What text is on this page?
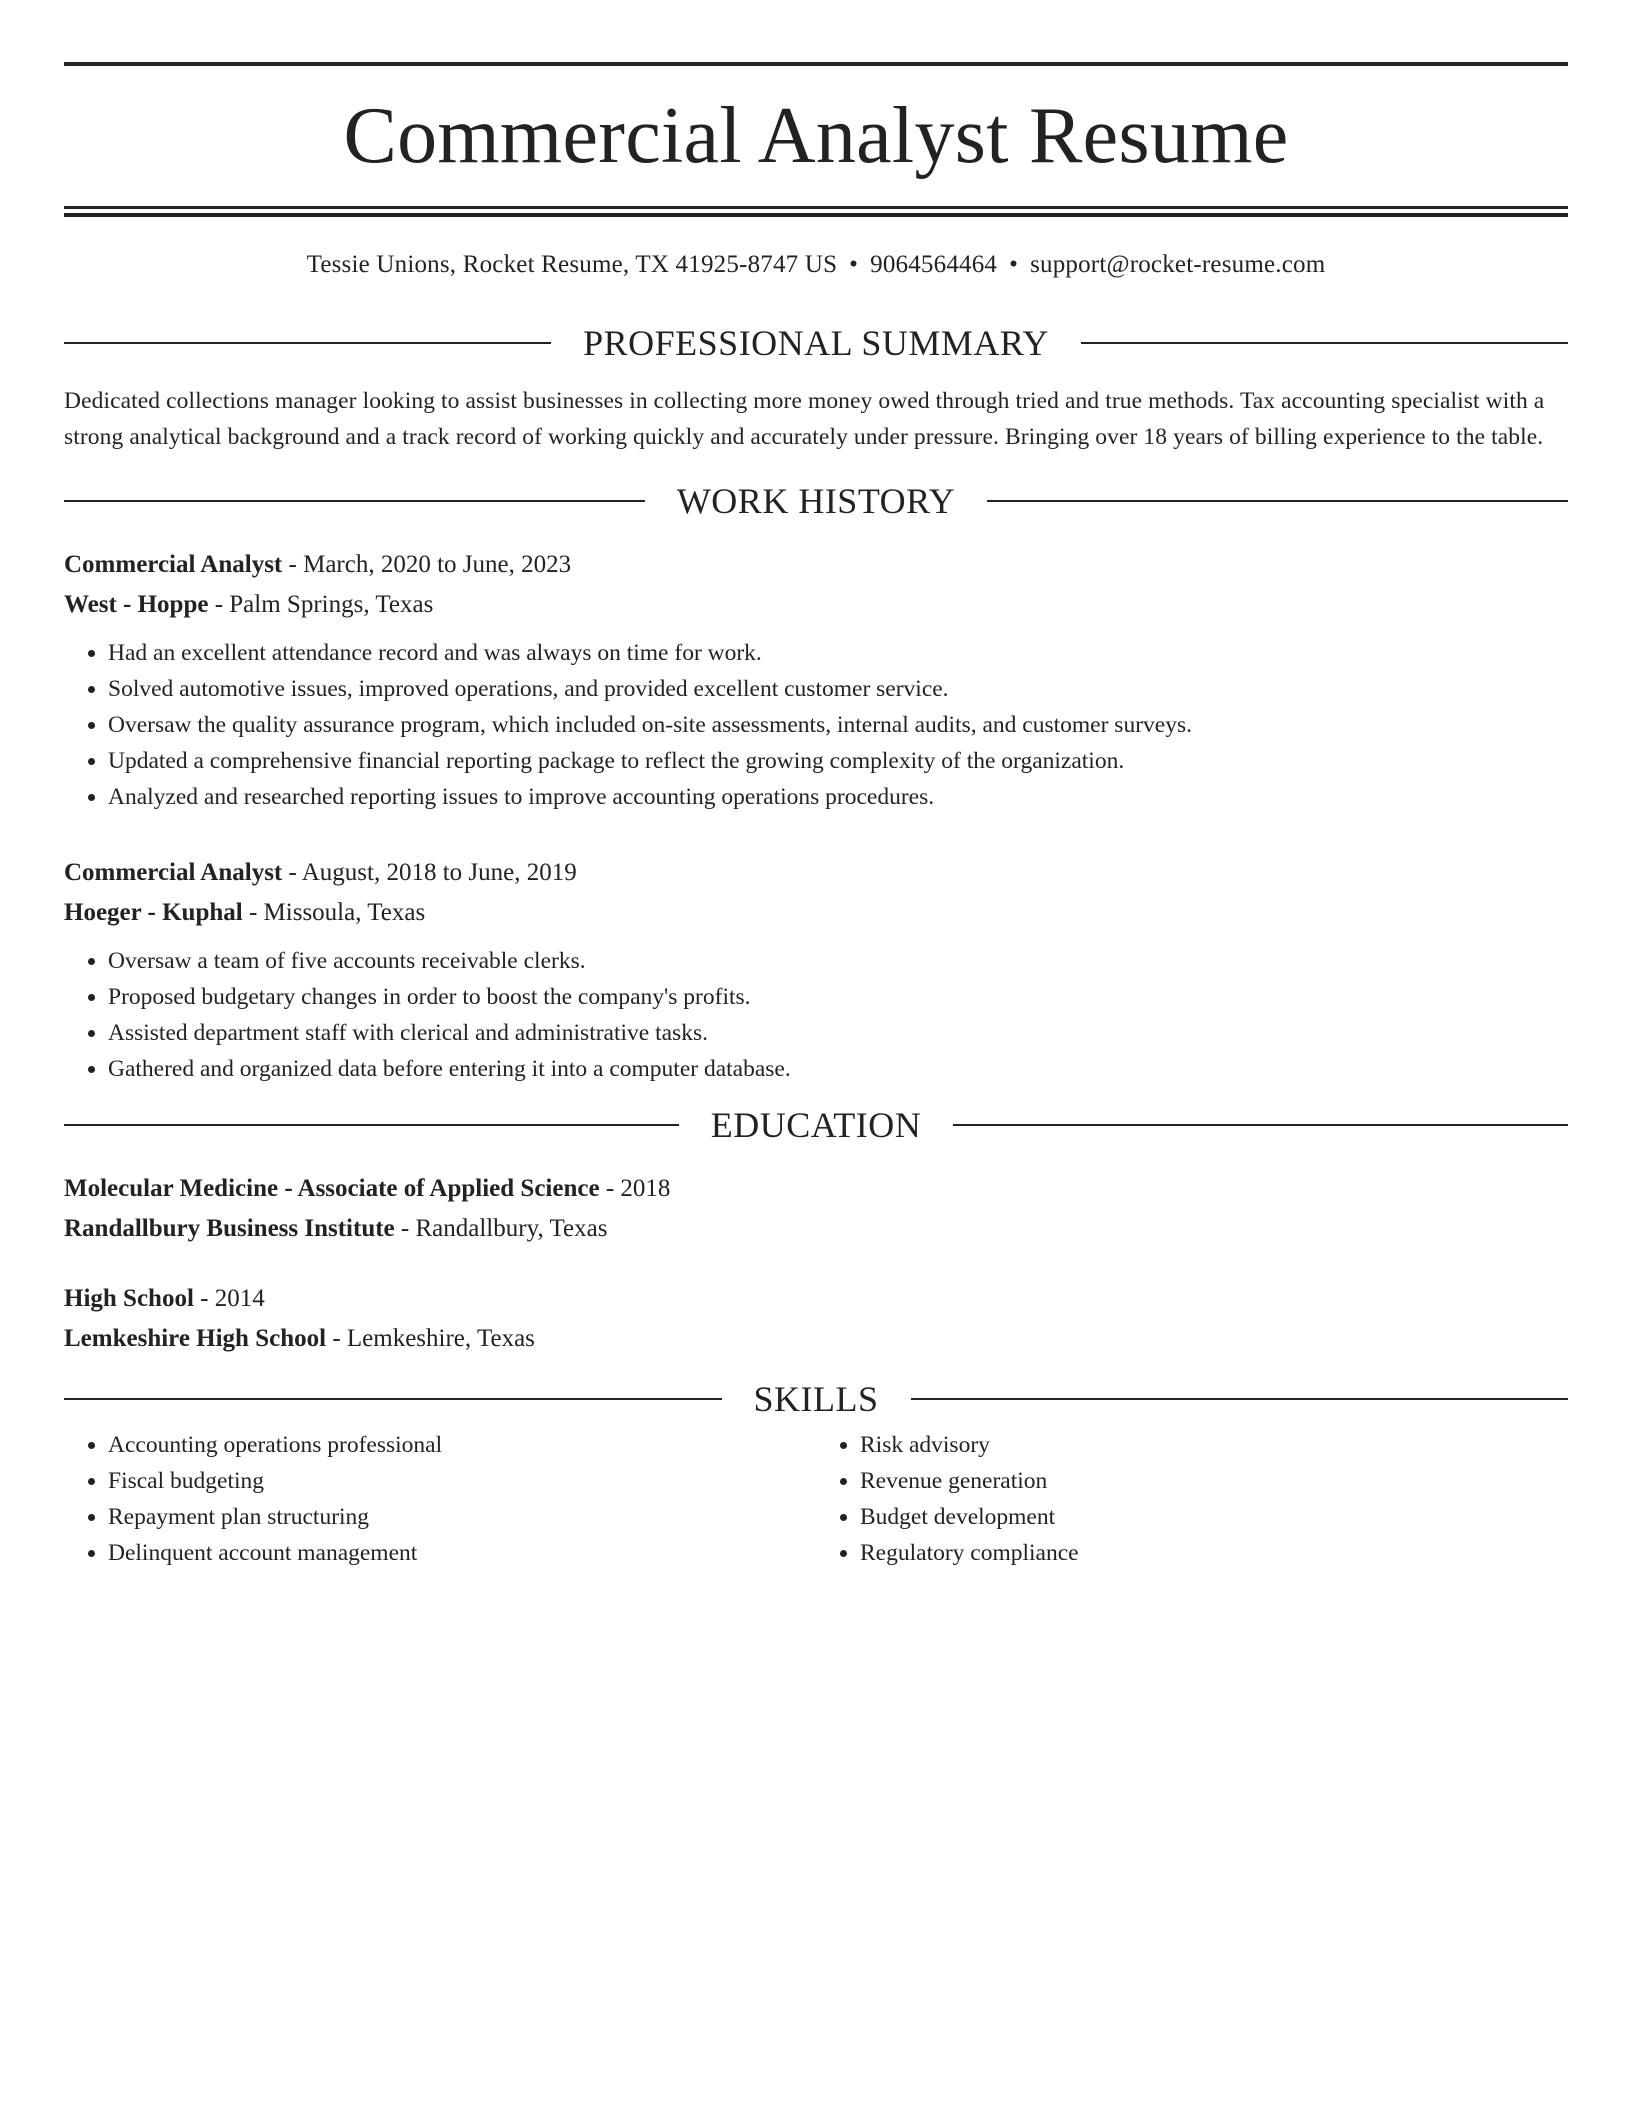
Commercial Analyst Resume
Tessie Unions, Rocket Resume, TX 41925-8747 US • 9064564464 • support@rocket-resume.com
PROFESSIONAL SUMMARY
Dedicated collections manager looking to assist businesses in collecting more money owed through tried and true methods. Tax accounting specialist with a strong analytical background and a track record of working quickly and accurately under pressure. Bringing over 18 years of billing experience to the table.
WORK HISTORY
Commercial Analyst - March, 2020 to June, 2023
West - Hoppe - Palm Springs, Texas
• Had an excellent attendance record and was always on time for work.
• Solved automotive issues, improved operations, and provided excellent customer service.
• Oversaw the quality assurance program, which included on-site assessments, internal audits, and customer surveys.
• Updated a comprehensive financial reporting package to reflect the growing complexity of the organization.
• Analyzed and researched reporting issues to improve accounting operations procedures.
Commercial Analyst - August, 2018 to June, 2019
Hoeger - Kuphal - Missoula, Texas
• Oversaw a team of five accounts receivable clerks.
• Proposed budgetary changes in order to boost the company's profits.
• Assisted department staff with clerical and administrative tasks.
• Gathered and organized data before entering it into a computer database.
EDUCATION
Molecular Medicine - Associate of Applied Science - 2018
Randallbury Business Institute - Randallbury, Texas
High School - 2014
Lemkeshire High School - Lemkeshire, Texas
SKILLS
• Accounting operations professional
• Fiscal budgeting
• Repayment plan structuring
• Delinquent account management
• Risk advisory
• Revenue generation
• Budget development
• Regulatory compliance
